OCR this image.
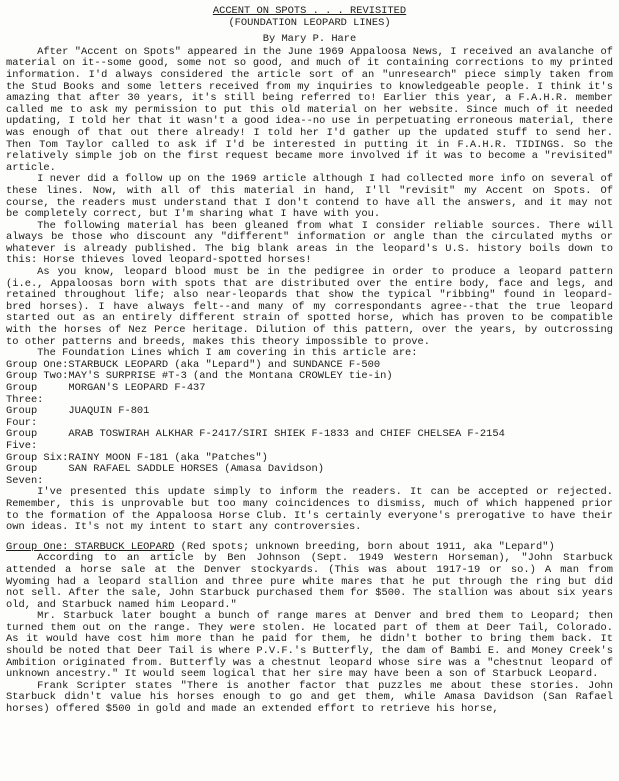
ACCENT ON SPOTS . . . REVISITED
(FOUNDATION LEOPARD LINES)
By Mary P. Hare

After "Accent on Spots" appeared in the June 1969 Appaloosa News, I received an avalanche of material on it--some good, some not so good, and much of it containing corrections to my printed information. I'd always considered the article sort of an "unresearch" piece simply taken from the Stud Books and some letters received from my inquiries to knowledgeable people. I think it's amazing that after 30 years, it's still being referred to! Earlier this year, a F.A.H.R. member called me to ask my permission to put this old material on her website. Since much of it needed updating, I told her that it wasn't a good idea--no use in perpetuating erroneous material, there was enough of that out there already! I told her I'd gather up the updated stuff to send her. Then Tom Taylor called to ask if I'd be interested in putting it in F.A.H.R. TIDINGS. So the relatively simple job on the first request became more involved if it was to become a "revisited" article.

I never did a follow up on the 1969 article although I had collected more info on several of these lines. Now, with all of this material in hand, I'll "revisit" my Accent on Spots. Of course, the readers must understand that I don't contend to have all the answers, and it may not be completely correct, but I'm sharing what I have with you.

The following material has been gleaned from what I consider reliable sources. There will always be those who discount any "different" information or angle than the circulated myths or whatever is already published. The big blank areas in the leopard's U.S. history boils down to this: Horse thieves loved leopard-spotted horses!

As you know, leopard blood must be in the pedigree in order to produce a leopard pattern (i.e., Appaloosas born with spots that are distributed over the entire body, face and legs, and retained throughout life; also near-leopards that show the typical "ribbing" found in leopard-bred horses). I have always felt--and many of my correspondants agree--that the true leopard started out as an entirely different strain of spotted horse, which has proven to be compatible with the horses of Nez Perce heritage. Dilution of this pattern, over the years, by outcrossing to other patterns and breeds, makes this theory impossible to prove.

The Foundation Lines which I am covering in this article are:

Group One: STARBUCK LEOPARD (aka "Lepard") and SUNDANCE F-500
Group Two: MAY'S SURPRISE #T-3 (and the Montana CROWLEY tie-in)
Group Three:
MORGAN'S LEOPARD F-437
Group Four:
JUAQUIN F-801
Group Five:
ARAB TOSWIRAH ALKHAR F-2417/SIRI SHIEK F-1833 and CHIEF CHELSEA F-2154
Group Six: RAINY MOON F-181 (aka "Patches")
Group Seven:
SAN RAFAEL SADDLE HORSES (Amasa Davidson)

I've presented this update simply to inform the readers. It can be accepted or rejected. Remember, this is unprovable but too many coincidences to dismiss, much of which happened prior to the formation of the Appaloosa Horse Club. It's certainly everyone's prerogative to have their own ideas. It's not my intent to start any controversies.

Group One: STARBUCK LEOPARD (Red spots; unknown breeding, born about 1911, aka "Lepard")

According to an article by Ben Johnson (Sept. 1949 Western Horseman), "John Starbuck attended a horse sale at the Denver stockyards. (This was about 1917-19 or so.) A man from Wyoming had a leopard stallion and three pure white mares that he put through the ring but did not sell. After the sale, John Starbuck purchased them for $500. The stallion was about six years old, and Starbuck named him Leopard."

Mr. Starbuck later bought a bunch of range mares at Denver and bred them to Leopard; then turned them out on the range. They were stolen. He located part of them at Deer Tail, Colorado. As it would have cost him more than he paid for them, he didn't bother to bring them back. It should be noted that Deer Tail is where P.V.F.'s Butterfly, the dam of Bambi E. and Money Creek's Ambition originated from. Butterfly was a chestnut leopard whose sire was a "chestnut leopard of unknown ancestry." It would seem logical that her sire may have been a son of Starbuck Leopard.

Frank Scripter states "There is another factor that puzzles me about these stories. John Starbuck didn't value his horses enough to go and get them, while Amasa Davidson (San Rafael horses) offered $500 in gold and made an extended effort to retrieve his horse,
